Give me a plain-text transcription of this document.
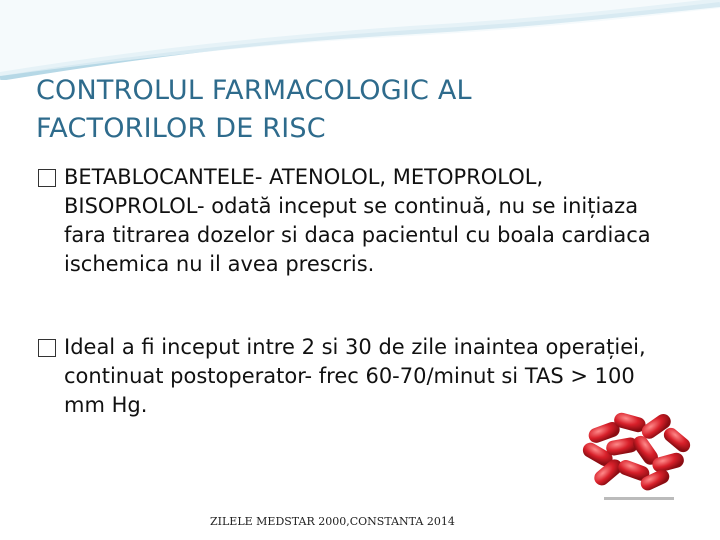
CONTROLUL FARMACOLOGIC AL
FACTORILOR DE RISC
BETABLOCANTELE- ATENOLOL, METOPROLOL, BISOPROLOL- odată inceput se continuă, nu se inițiaza fara titrarea dozelor si daca pacientul cu boala cardiaca ischemica nu il avea prescris.
Ideal a fi inceput intre 2 si 30 de zile inaintea operației, continuat postoperator- frec 60-70/minut si TAS > 100 mm Hg.
ZILELE MEDSTAR 2000,CONSTANTA 2014
